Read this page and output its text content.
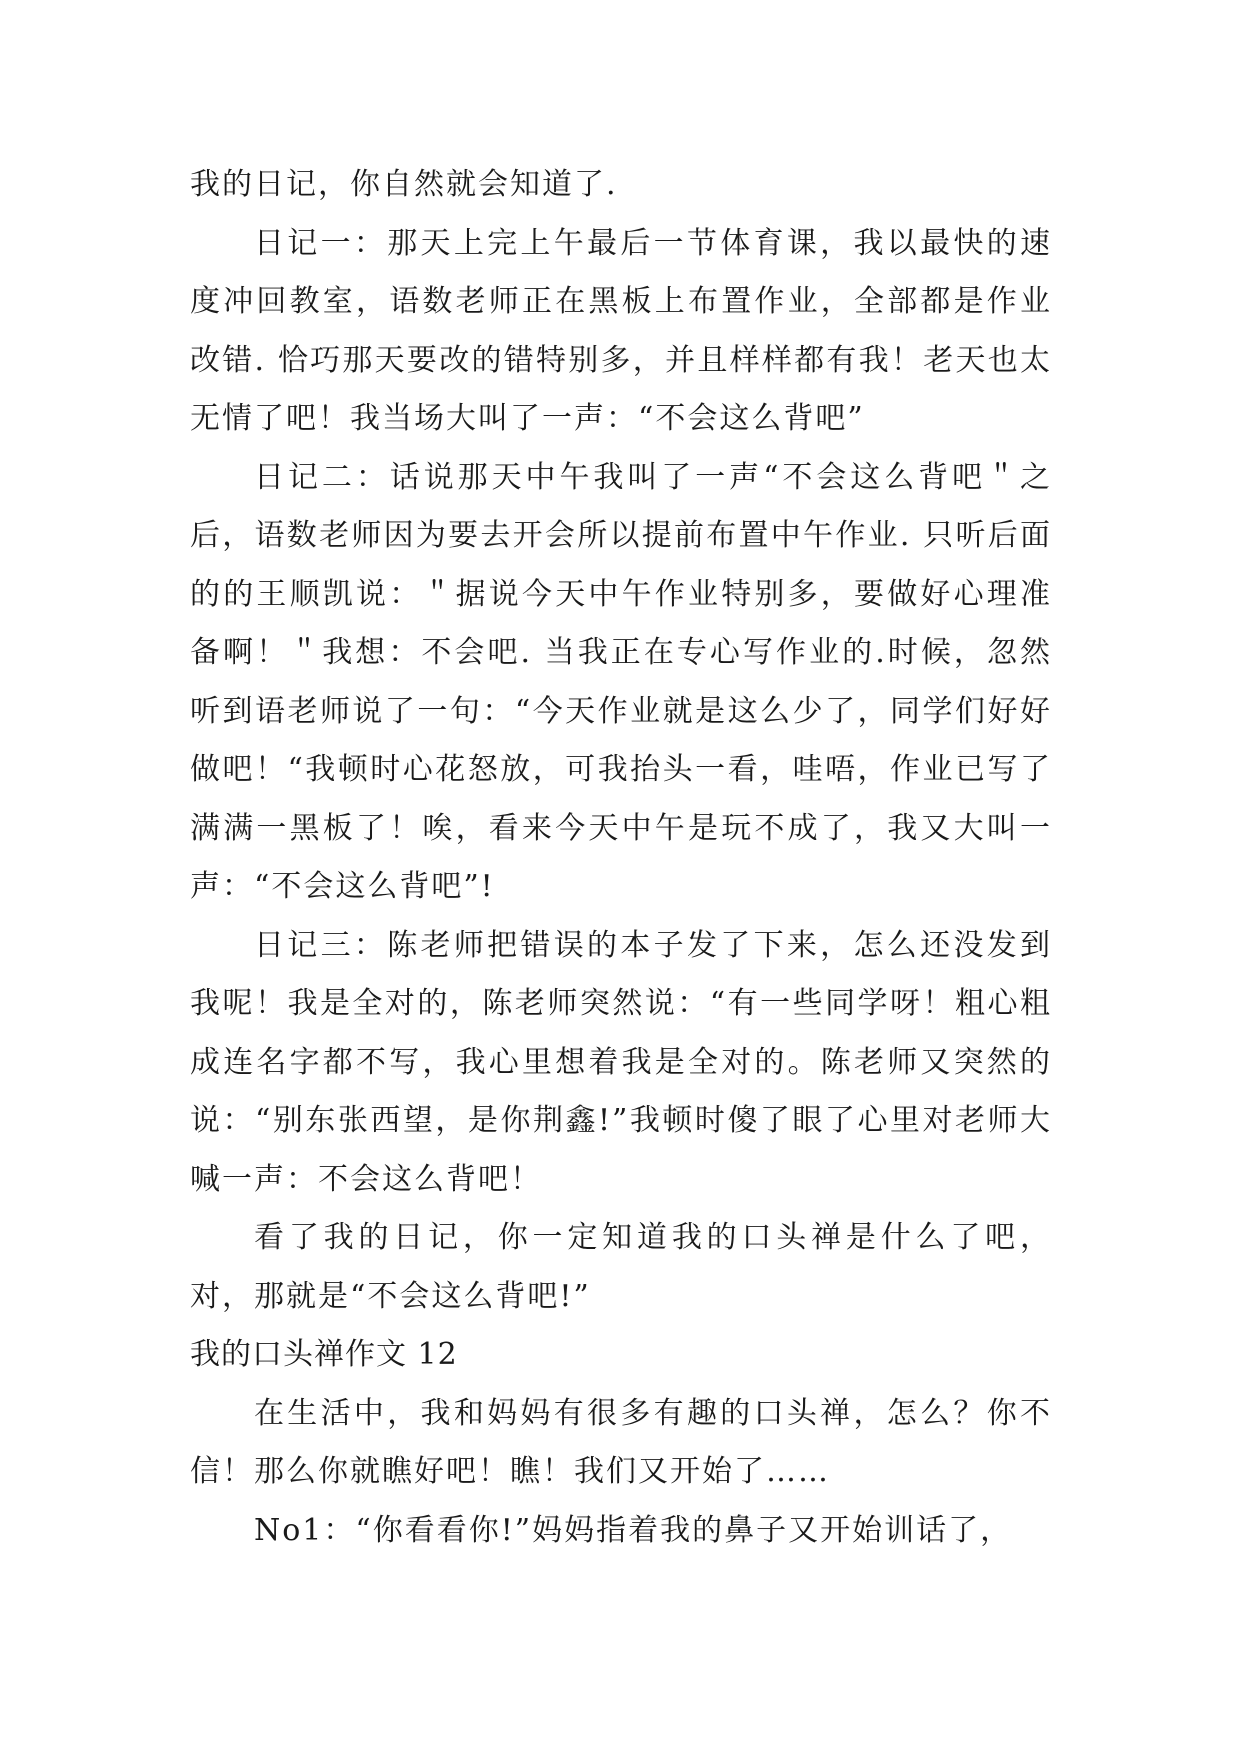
我的日记，你自然就会知道了.

日记一：那天上完上午最后一节体育课，我以最快的速度冲回教室，语数老师正在黑板上布置作业，全部都是作业改错. 恰巧那天要改的错特别多，并且样样都有我！老天也太无情了吧！我当场大叫了一声：“不会这么背吧”

日记二：话说那天中午我叫了一声“不会这么背吧＂之后，语数老师因为要去开会所以提前布置中午作业. 只听后面的的王顺凯说：＂据说今天中午作业特别多，要做好心理准备啊！＂我想：不会吧. 当我正在专心写作业的.时候，忽然听到语老师说了一句：“今天作业就是这么少了，同学们好好做吧！“我顿时心花怒放，可我抬头一看，哇唔，作业已写了满满一黑板了！唉，看来今天中午是玩不成了，我又大叫一声：“不会这么背吧”!

日记三：陈老师把错误的本子发了下来，怎么还没发到我呢！我是全对的，陈老师突然说：“有一些同学呀！粗心粗成连名字都不写，我心里想着我是全对的。陈老师又突然的说：“别东张西望，是你荆鑫!”我顿时傻了眼了心里对老师大喊一声：不会这么背吧！

看了我的日记，你一定知道我的口头禅是什么了吧，对，那就是“不会这么背吧!”

我的口头禅作文 12

在生活中，我和妈妈有很多有趣的口头禅，怎么？你不信！那么你就瞧好吧！瞧！我们又开始了……

No1：“你看看你!”妈妈指着我的鼻子又开始训话了，
